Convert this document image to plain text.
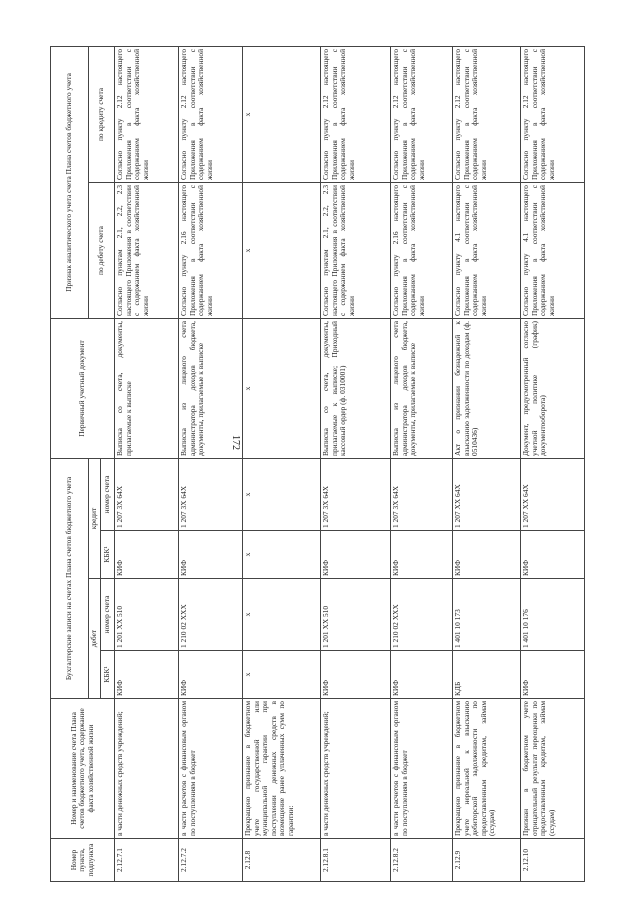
172
Номер пункта, подпункта	Номер и наименование счета Плана счетов бюджетного учета, содержание факта хозяйственной жизни	Бухгалтерские записи на счетах Плана счетов бюджетного учета				Первичный учетный документ	Признак аналитического учета счета Плана счетов бюджетного учета	
		дебет		кредит			по дебету счета	по кредиту счета
		КБК¹	номер счета	КБК¹	номер счета			
2.12.7.1	в части денежных средств учреждений;	КИФ	1 201 XX 510	КИФ	1 207 3X 64X	Выписка со счета, документы, прилагаемые к выписке	Согласно пунктам 2.1, 2.2, 2.3 настоящего Приложения в соответствии с содержанием факта хозяйственной жизни	Согласно пункту 2.12 настоящего Приложения в соответствии с содержанием факта хозяйственной жизни
2.12.7.2	в части расчетов с финансовым органом по поступлениям в бюджет	КИФ	1 210 02 XXX	КИФ	1 207 3X 64X	Выписка из лицевого счета администратора доходов бюджета, документы, прилагаемые к выписке	Согласно пункту 2.16 настоящего Приложения в соответствии с содержанием факта хозяйственной жизни	Согласно пункту 2.12 настоящего Приложения в соответствии с содержанием факта хозяйственной жизни
2.12.8	Прекращено признание в бюджетном учете государственной или муниципальной гарантии при поступлении денежных средств в возмещение ранее уплаченных сумм по гарантии:	x	x	x	x	x	x	x
2.12.8.1	в части денежных средств учреждений;	КИФ	1 201 XX 510	КИФ	1 207 3X 64X	Выписка со счета, документы, прилагаемые к выписке; Приходный кассовый ордер (ф. 0310001)	Согласно пунктам 2.1, 2.2, 2.3 настоящего Приложения в соответствии с содержанием факта хозяйственной жизни	Согласно пункту 2.12 настоящего Приложения в соответствии с содержанием факта хозяйственной жизни
2.12.8.2	в части расчетов с финансовым органом по поступлениям в бюджет	КИФ	1 210 02 XXX	КИФ	1 207 3X 64X	Выписка из лицевого счета администратора доходов бюджета, документы, прилагаемые к выписке	Согласно пункту 2.16 настоящего Приложения в соответствии с содержанием факта хозяйственной жизни	Согласно пункту 2.12 настоящего Приложения в соответствии с содержанием факта хозяйственной жизни
2.12.9	Прекращено признание в бюджетном учете нереальной к взысканию дебиторской задолженности по предоставленным кредитам, займам (ссудам)	КДБ	1 401 10 173	КИФ	1 207 XX 64X	Акт о признании безнадежной к взысканию задолженности по доходам (ф. 0510436)	Согласно пункту 4.1 настоящего Приложения в соответствии с содержанием факта хозяйственной жизни	Согласно пункту 2.12 настоящего Приложения в соответствии с содержанием факта хозяйственной жизни
2.12.10	Признан в бюджетном учете отрицательный результат переоценки по предоставленным кредитам, займам (ссудам)	КИФ	1 401 10 176	КИФ	1 207 XX 64X	Документ, предусмотренный согласно учетной политике (график) документооборота)	Согласно пункту 4.1 настоящего Приложения в соответствии с содержанием факта хозяйственной жизни	Согласно пункту 2.12 настоящего Приложения в соответствии с содержанием факта хозяйственной жизни
